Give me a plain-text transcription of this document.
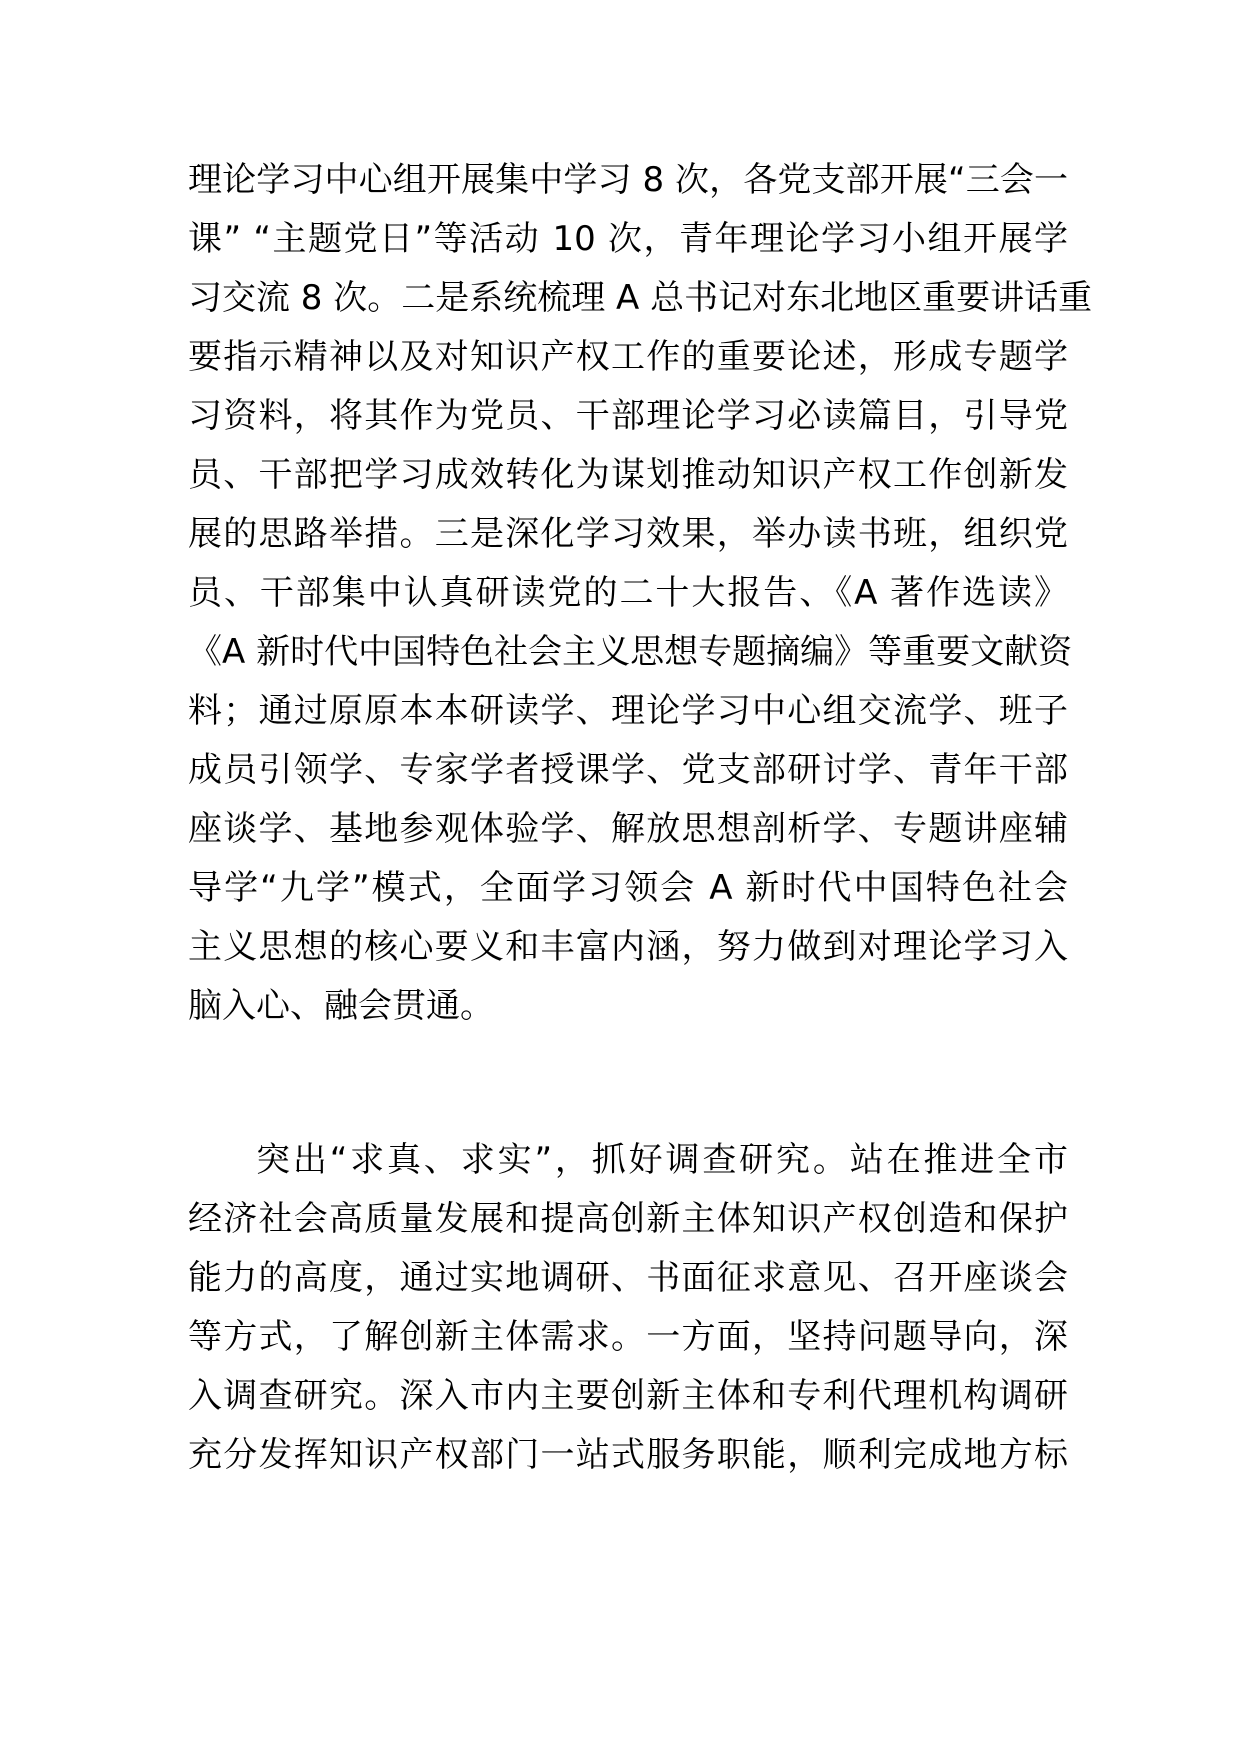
理论学习中心组开展集中学习 8 次，各党支部开展“三会一
课” “主题党日”等活动 10 次，青年理论学习小组开展学
习交流 8 次。二是系统梳理 A 总书记对东北地区重要讲话重
要指示精神以及对知识产权工作的重要论述，形成专题学
习资料，将其作为党员、干部理论学习必读篇目，引导党
员、干部把学习成效转化为谋划推动知识产权工作创新发
展的思路举措。三是深化学习效果，举办读书班，组织党
员、干部集中认真研读党的二十大报告、《A 著作选读》
《A 新时代中国特色社会主义思想专题摘编》等重要文献资
料；通过原原本本研读学、理论学习中心组交流学、班子
成员引领学、专家学者授课学、党支部研讨学、青年干部
座谈学、基地参观体验学、解放思想剖析学、专题讲座辅
导学“九学”模式，全面学习领会 A 新时代中国特色社会
主义思想的核心要义和丰富内涵，努力做到对理论学习入
脑入心、融会贯通。
突出“求真、求实”，抓好调查研究。站在推进全市
经济社会高质量发展和提高创新主体知识产权创造和保护
能力的高度，通过实地调研、书面征求意见、召开座谈会
等方式，了解创新主体需求。一方面，坚持问题导向，深
入调查研究。深入市内主要创新主体和专利代理机构调研
充分发挥知识产权部门一站式服务职能，顺利完成地方标
